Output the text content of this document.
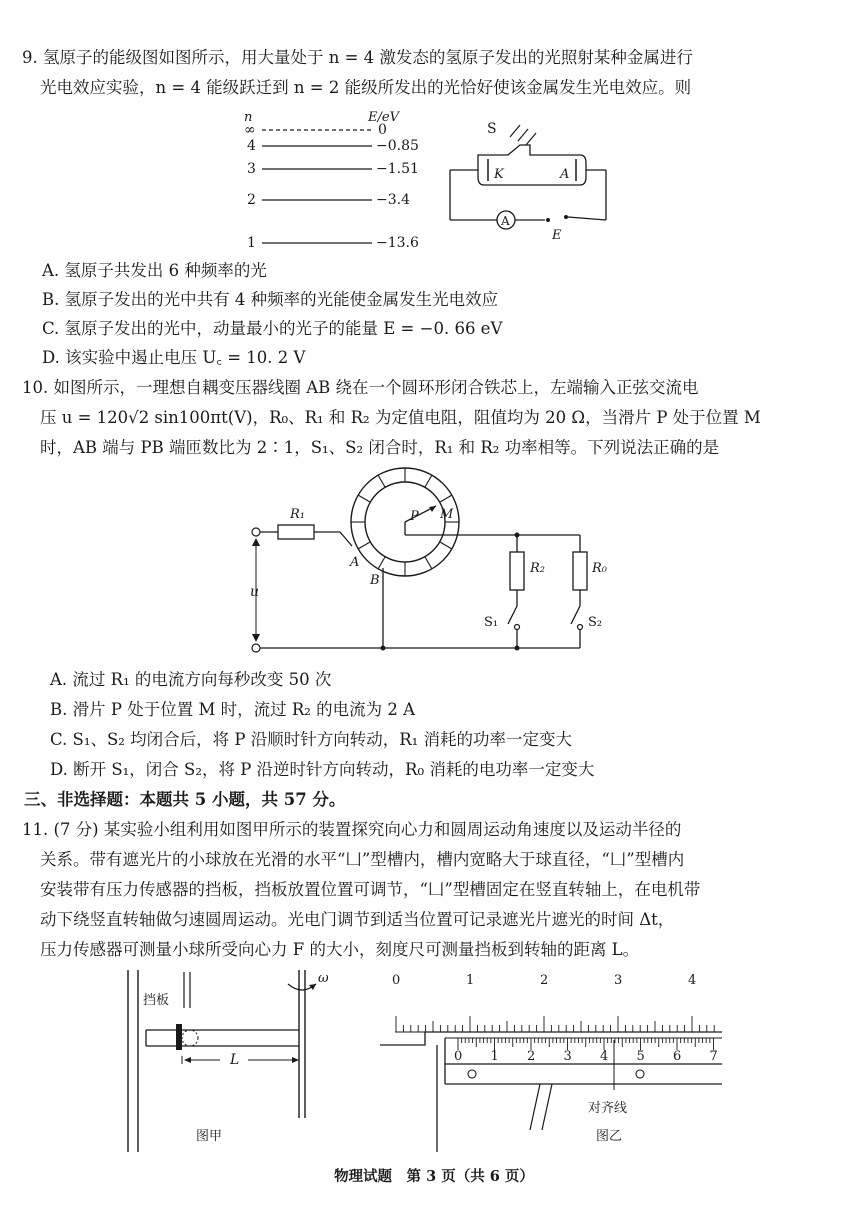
9. 氢原子的能级图如图所示，用大量处于 n = 4 激发态的氢原子发出的光照射某种金属进行
光电效应实验，n = 4 能级跃迁到 n = 2 能级所发出的光恰好使该金属发生光电效应。则
n	E/eV
∞	0
4	−0.85
3	−1.51
2	−3.4
1	−13.6
S
K	A
A
E
A. 氢原子共发出 6 种频率的光
B. 氢原子发出的光中共有 4 种频率的光能使金属发生光电效应
C. 氢原子发出的光中，动量最小的光子的能量 E = −0. 66 eV
D. 该实验中遏止电压 U꜀ = 10. 2 V
10. 如图所示，一理想自耦变压器线圈 AB 绕在一个圆环形闭合铁芯上，左端输入正弦交流电
压 u = 120√2 sin100πt(V)，R₀、R₁ 和 R₂ 为定值电阻，阻值均为 20 Ω，当滑片 P 处于位置 M
时，AB 端与 PB 端匝数比为 2∶1，S₁、S₂ 闭合时，R₁ 和 R₂ 功率相等。下列说法正确的是
P M
u
R₁
A
B
R₂
S₁
R₀
S₂
A. 流过 R₁ 的电流方向每秒改变 50 次
B. 滑片 P 处于位置 M 时，流过 R₂ 的电流为 2 A
C. S₁、S₂ 均闭合后，将 P 沿顺时针方向转动，R₁ 消耗的功率一定变大
D. 断开 S₁，闭合 S₂，将 P 沿逆时针方向转动，R₀ 消耗的电功率一定变大
三、非选择题：本题共 5 小题，共 57 分。
11. (7 分) 某实验小组利用如图甲所示的装置探究向心力和圆周运动角速度以及运动半径的
关系。带有遮光片的小球放在光滑的水平“凵”型槽内，槽内宽略大于球直径，“凵”型槽内
安装带有压力传感器的挡板，挡板放置位置可调节，“凵”型槽固定在竖直转轴上，在电机带
动下绕竖直转轴做匀速圆周运动。光电门调节到适当位置可记录遮光片遮光的时间 Δt，
压力传感器可测量小球所受向心力 F 的大小，刻度尺可测量挡板到转轴的距离 L。
ω
挡板
L
图甲
0	1	2	3	4
0 1 2 3 4 5 6 7
对齐线
图乙
物理试题　第 3 页（共 6 页）
